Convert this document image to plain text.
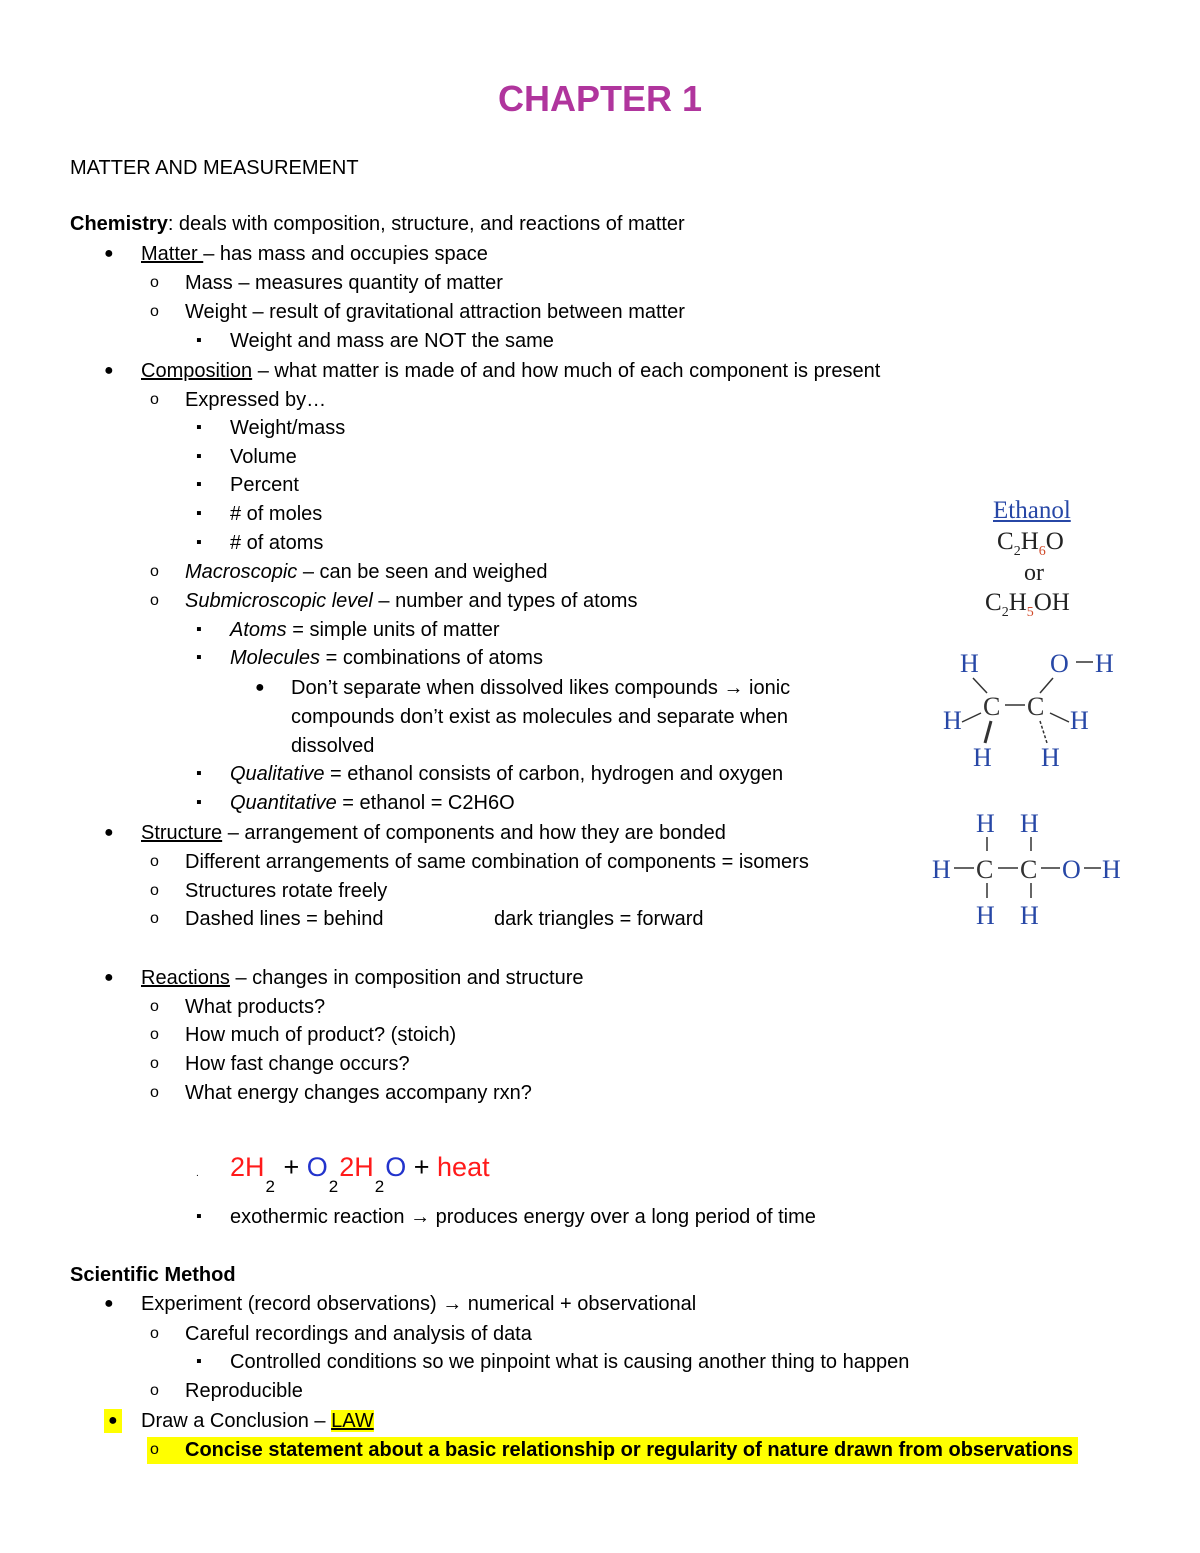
CHAPTER 1
MATTER AND MEASUREMENT
Chemistry: deals with composition, structure, and reactions of matter
● Matter – has mass and occupies space
o Mass – measures quantity of matter
o Weight – result of gravitational attraction between matter
▪ Weight and mass are NOT the same
● Composition – what matter is made of and how much of each component is present
o Expressed by…
▪ Weight/mass
▪ Volume
▪ Percent
▪ # of moles
▪ # of atoms
o Macroscopic – can be seen and weighed
o Submicroscopic level – number and types of atoms
▪ Atoms = simple units of matter
▪ Molecules = combinations of atoms
● Don’t separate when dissolved likes compounds → ionic
compounds don’t exist as molecules and separate when
dissolved
▪ Qualitative = ethanol consists of carbon, hydrogen and oxygen
▪ Quantitative = ethanol = C2H6O
● Structure – arrangement of components and how they are bonded
o Different arrangements of same combination of components = isomers
o Structures rotate freely
o Dashed lines = behind	dark triangles = forward
● Reactions – changes in composition and structure
o What products?
o How much of product? (stoich)
o How fast change occurs?
o What energy changes accompany rxn?
. $2H_2 + O_22H_2O$ + heat
▪ exothermic reaction → produces energy over a long period of time
Scientific Method
● Experiment (record observations) → numerical + observational
o Careful recordings and analysis of data
▪ Controlled conditions so we pinpoint what is causing another thing to happen
o Reproducible
● Draw a Conclusion – LAW
o Concise statement about a basic relationship or regularity of nature drawn from observations
Ethanol
$C_2H_6O$
or
$C_2H_5OH$
H	O H
H C C H
H H
H H
H C C O H
H H
